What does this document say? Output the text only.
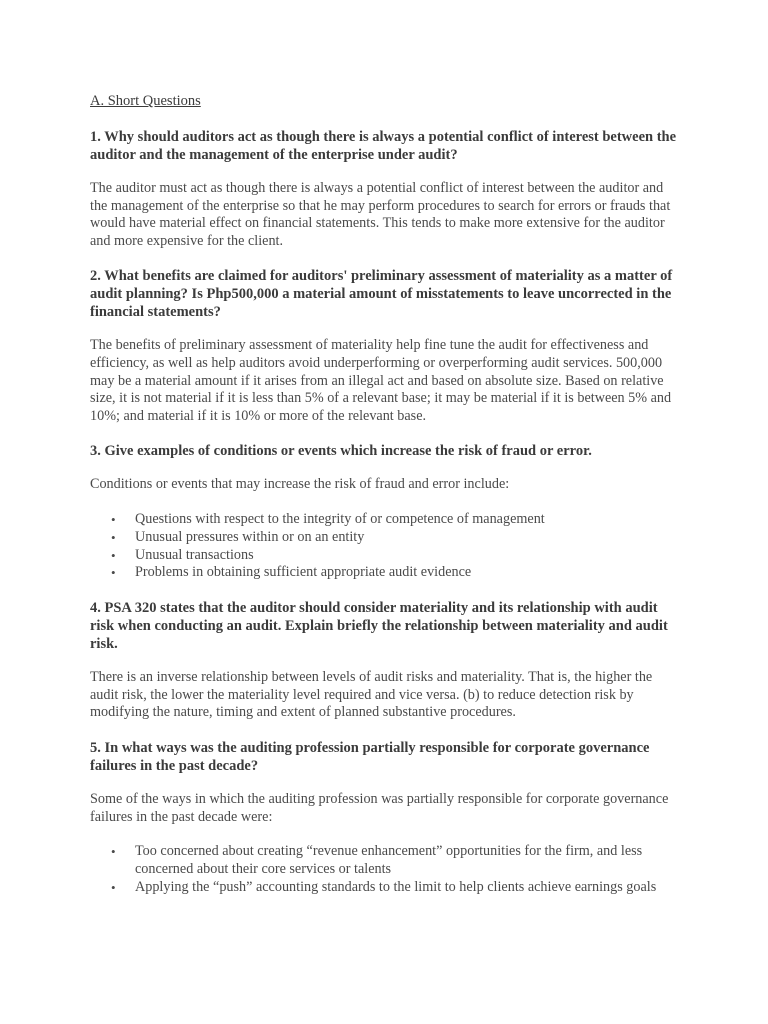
A. Short Questions
1. Why should auditors act as though there is always a potential conflict of interest between the auditor and the management of the enterprise under audit?
The auditor must act as though there is always a potential conflict of interest between the auditor and the management of the enterprise so that he may perform procedures to search for errors or frauds that would have material effect on financial statements. This tends to make more extensive for the auditor and more expensive for the client.
2. What benefits are claimed for auditors' preliminary assessment of materiality as a matter of audit planning? Is Php500,000 a material amount of misstatements to leave uncorrected in the financial statements?
The benefits of preliminary assessment of materiality help fine tune the audit for effectiveness and efficiency, as well as help auditors avoid underperforming or overperforming audit services. 500,000 may be a material amount if it arises from an illegal act and based on absolute size. Based on relative size, it is not material if it is less than 5% of a relevant base; it may be material if it is between 5% and 10%; and material if it is 10% or more of the relevant base.
3. Give examples of conditions or events which increase the risk of fraud or error.
Conditions or events that may increase the risk of fraud and error include:
• Questions with respect to the integrity of or competence of management
• Unusual pressures within or on an entity
• Unusual transactions
• Problems in obtaining sufficient appropriate audit evidence
4. PSA 320 states that the auditor should consider materiality and its relationship with audit risk when conducting an audit. Explain briefly the relationship between materiality and audit risk.
There is an inverse relationship between levels of audit risks and materiality. That is, the higher the audit risk, the lower the materiality level required and vice versa. (b) to reduce detection risk by modifying the nature, timing and extent of planned substantive procedures.
5. In what ways was the auditing profession partially responsible for corporate governance failures in the past decade?
Some of the ways in which the auditing profession was partially responsible for corporate governance failures in the past decade were:
• Too concerned about creating “revenue enhancement” opportunities for the firm, and less concerned about their core services or talents
• Applying the “push” accounting standards to the limit to help clients achieve earnings goals
